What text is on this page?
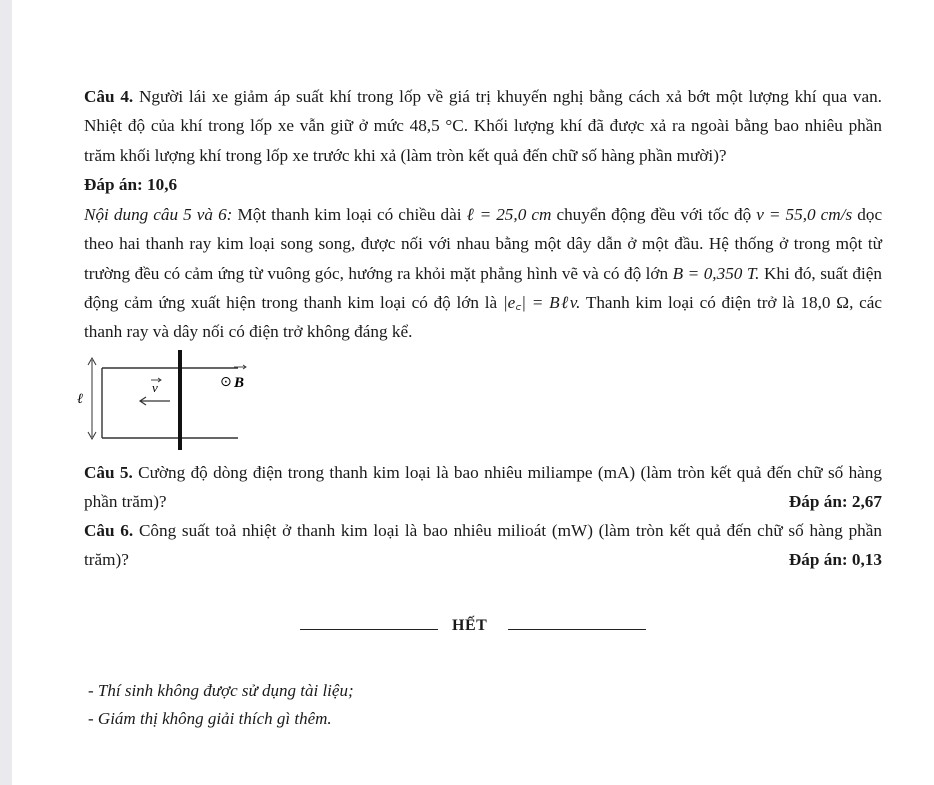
Câu 4. Người lái xe giảm áp suất khí trong lốp về giá trị khuyến nghị bằng cách xả bớt một lượng khí qua van. Nhiệt độ của khí trong lốp xe vẫn giữ ở mức 48,5 °C. Khối lượng khí đã được xả ra ngoài bằng bao nhiêu phần trăm khối lượng khí trong lốp xe trước khi xả (làm tròn kết quả đến chữ số hàng phần mười)?
Đáp án: 10,6
Nội dung câu 5 và 6: Một thanh kim loại có chiều dài ℓ = 25,0 cm chuyển động đều với tốc độ v = 55,0 cm/s dọc theo hai thanh ray kim loại song song, được nối với nhau bằng một dây dẫn ở một đầu. Hệ thống ở trong một từ trường đều có cảm ứng từ vuông góc, hướng ra khỏi mặt phẳng hình vẽ và có độ lớn B = 0,350 T. Khi đó, suất điện động cảm ứng xuất hiện trong thanh kim loại có độ lớn là |e꜀| = Bℓv. Thanh kim loại có điện trở là 18,0 Ω, các thanh ray và dây nối có điện trở không đáng kể.
ℓ
v	⊙ B
Câu 5. Cường độ dòng điện trong thanh kim loại là bao nhiêu miliampe (mA) (làm tròn kết quả đến chữ số hàng phần trăm)?	Đáp án: 2,67
Câu 6. Công suất toả nhiệt ở thanh kim loại là bao nhiêu milioát (mW) (làm tròn kết quả đến chữ số hàng phần trăm)?	Đáp án: 0,13
HẾT
- Thí sinh không được sử dụng tài liệu;
- Giám thị không giải thích gì thêm.
